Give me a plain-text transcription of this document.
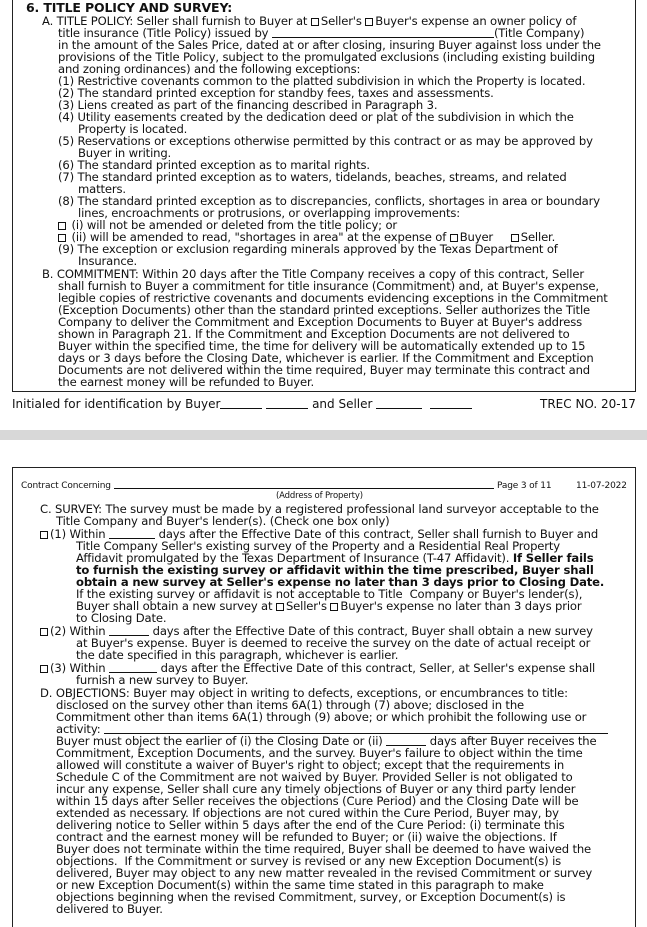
6. TITLE POLICY AND SURVEY:
A. TITLE POLICY: Seller shall furnish to Buyer at Seller's Buyer's expense an owner policy of
title insurance (Title Policy) issued by	(Title Company)
in the amount of the Sales Price, dated at or after closing, insuring Buyer against loss under the
provisions of the Title Policy, subject to the promulgated exclusions (including existing building
and zoning ordinances) and the following exceptions:
(1) Restrictive covenants common to the platted subdivision in which the Property is located.
(2) The standard printed exception for standby fees, taxes and assessments.
(3) Liens created as part of the financing described in Paragraph 3.
(4) Utility easements created by the dedication deed or plat of the subdivision in which the
Property is located.
(5) Reservations or exceptions otherwise permitted by this contract or as may be approved by
Buyer in writing.
(6) The standard printed exception as to marital rights.
(7) The standard printed exception as to waters, tidelands, beaches, streams, and related
matters.
(8) The standard printed exception as to discrepancies, conflicts, shortages in area or boundary
lines, encroachments or protrusions, or overlapping improvements:
(i) will not be amended or deleted from the title policy; or
(ii) will be amended to read, "shortages in area" at the expense of Buyer Seller.
(9) The exception or exclusion regarding minerals approved by the Texas Department of
Insurance.
B. COMMITMENT: Within 20 days after the Title Company receives a copy of this contract, Seller
shall furnish to Buyer a commitment for title insurance (Commitment) and, at Buyer's expense,
legible copies of restrictive covenants and documents evidencing exceptions in the Commitment
(Exception Documents) other than the standard printed exceptions. Seller authorizes the Title
Company to deliver the Commitment and Exception Documents to Buyer at Buyer's address
shown in Paragraph 21. If the Commitment and Exception Documents are not delivered to
Buyer within the specified time, the time for delivery will be automatically extended up to 15
days or 3 days before the Closing Date, whichever is earlier. If the Commitment and Exception
Documents are not delivered within the time required, Buyer may terminate this contract and
the earnest money will be refunded to Buyer.
Initialed for identification by Buyer	and Seller	TREC NO. 20-17
Contract Concerning	Page 3 of 11	11-07-2022
(Address of Property)
C. SURVEY: The survey must be made by a registered professional land surveyor acceptable to the
Title Company and Buyer's lender(s). (Check one box only)
(1) Within	days after the Effective Date of this contract, Seller shall furnish to Buyer and
Title Company Seller's existing survey of the Property and a Residential Real Property
Affidavit promulgated by the Texas Department of Insurance (T-47 Affidavit). If Seller fails
to furnish the existing survey or affidavit within the time prescribed, Buyer shall
obtain a new survey at Seller's expense no later than 3 days prior to Closing Date.
If the existing survey or affidavit is not acceptable to Title  Company or Buyer's lender(s),
Buyer shall obtain a new survey at Seller's Buyer's expense no later than 3 days prior
to Closing Date.
(2) Within	days after the Effective Date of this contract, Buyer shall obtain a new survey
at Buyer's expense. Buyer is deemed to receive the survey on the date of actual receipt or
the date specified in this paragraph, whichever is earlier.
(3) Within	days after the Effective Date of this contract, Seller, at Seller's expense shall
furnish a new survey to Buyer.
D. OBJECTIONS: Buyer may object in writing to defects, exceptions, or encumbrances to title:
disclosed on the survey other than items 6A(1) through (7) above; disclosed in the
Commitment other than items 6A(1) through (9) above; or which prohibit the following use or
activity:
Buyer must object the earlier of (i) the Closing Date or (ii)	days after Buyer receives the
Commitment, Exception Documents, and the survey. Buyer's failure to object within the time
allowed will constitute a waiver of Buyer's right to object; except that the requirements in
Schedule C of the Commitment are not waived by Buyer. Provided Seller is not obligated to
incur any expense, Seller shall cure any timely objections of Buyer or any third party lender
within 15 days after Seller receives the objections (Cure Period) and the Closing Date will be
extended as necessary. If objections are not cured within the Cure Period, Buyer may, by
delivering notice to Seller within 5 days after the end of the Cure Period: (i) terminate this
contract and the earnest money will be refunded to Buyer; or (ii) waive the objections. If
Buyer does not terminate within the time required, Buyer shall be deemed to have waived the
objections.  If the Commitment or survey is revised or any new Exception Document(s) is
delivered, Buyer may object to any new matter revealed in the revised Commitment or survey
or new Exception Document(s) within the same time stated in this paragraph to make
objections beginning when the revised Commitment, survey, or Exception Document(s) is
delivered to Buyer.
